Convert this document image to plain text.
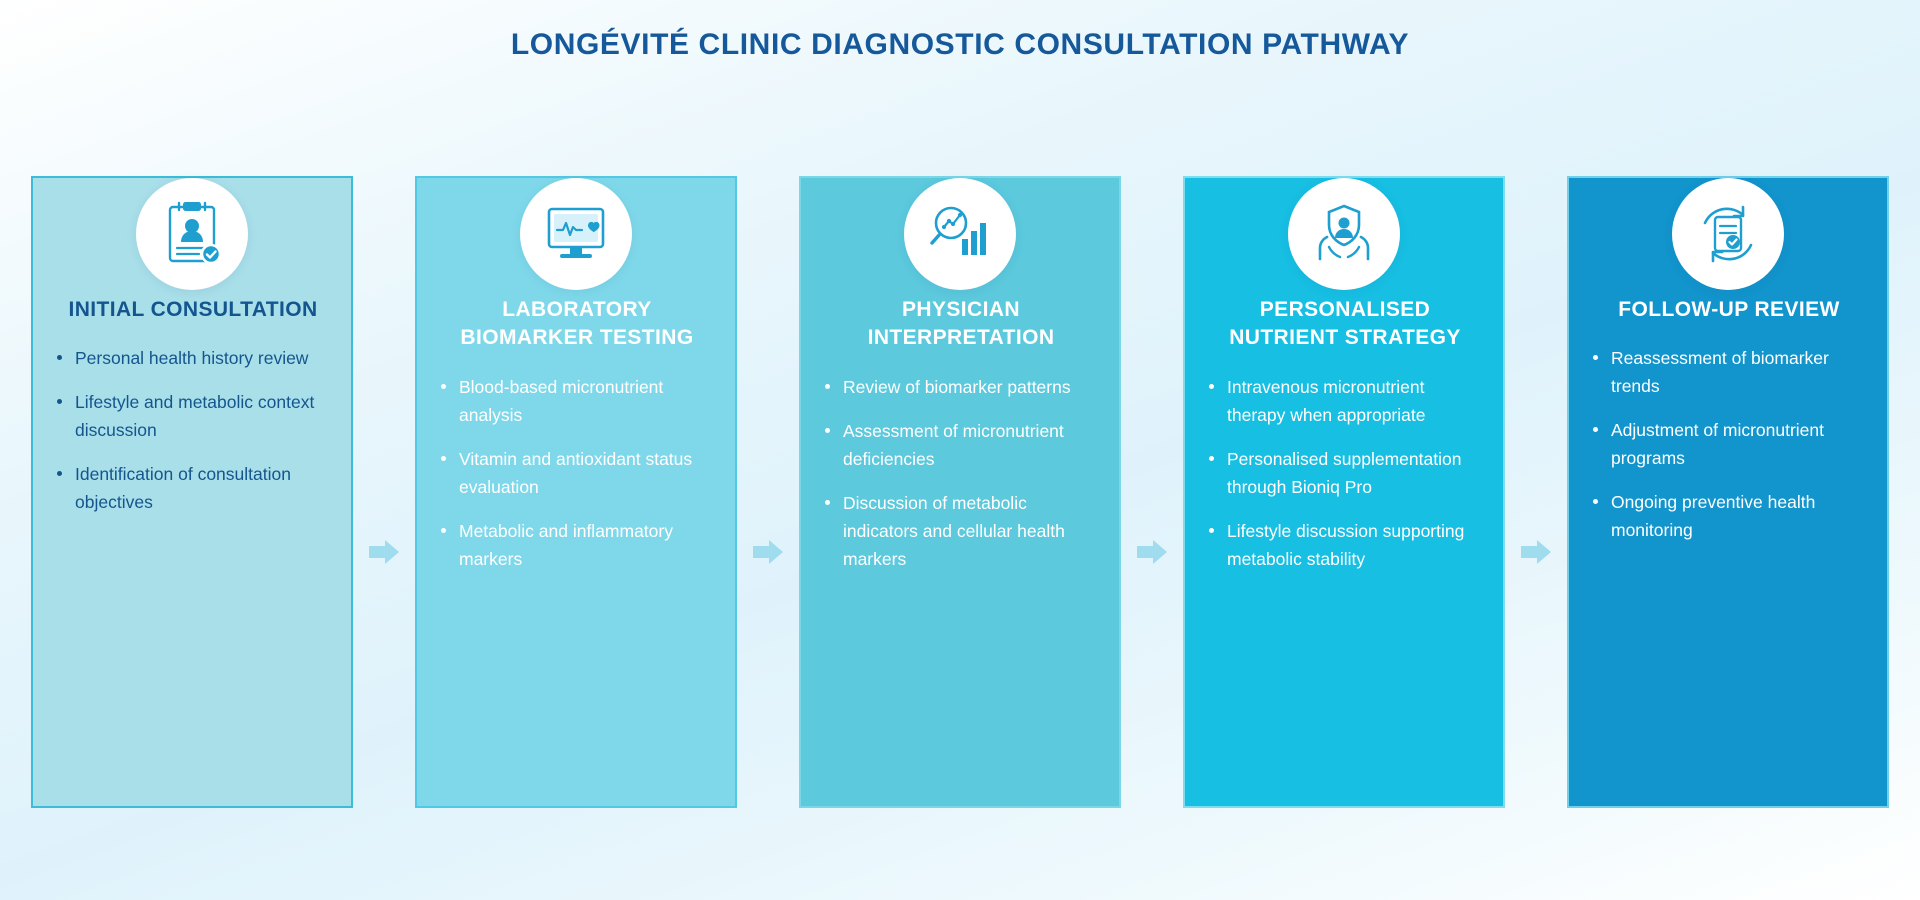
LONGÉVITÉ CLINIC DIAGNOSTIC CONSULTATION PATHWAY
INITIAL CONSULTATION
Personal health history review
Lifestyle and metabolic context discussion
Identification of consultation objectives
LABORATORY BIOMARKER TESTING
Blood-based micronutrient analysis
Vitamin and antioxidant status evaluation
Metabolic and inflammatory markers
PHYSICIAN INTERPRETATION
Review of biomarker patterns
Assessment of micronutrient deficiencies
Discussion of metabolic indicators and cellular health markers
PERSONALISED NUTRIENT STRATEGY
Intravenous micronutrient therapy when appropriate
Personalised supplementation through Bioniq Pro
Lifestyle discussion supporting metabolic stability
FOLLOW-UP REVIEW
Reassessment of biomarker trends
Adjustment of micronutrient programs
Ongoing preventive health monitoring
